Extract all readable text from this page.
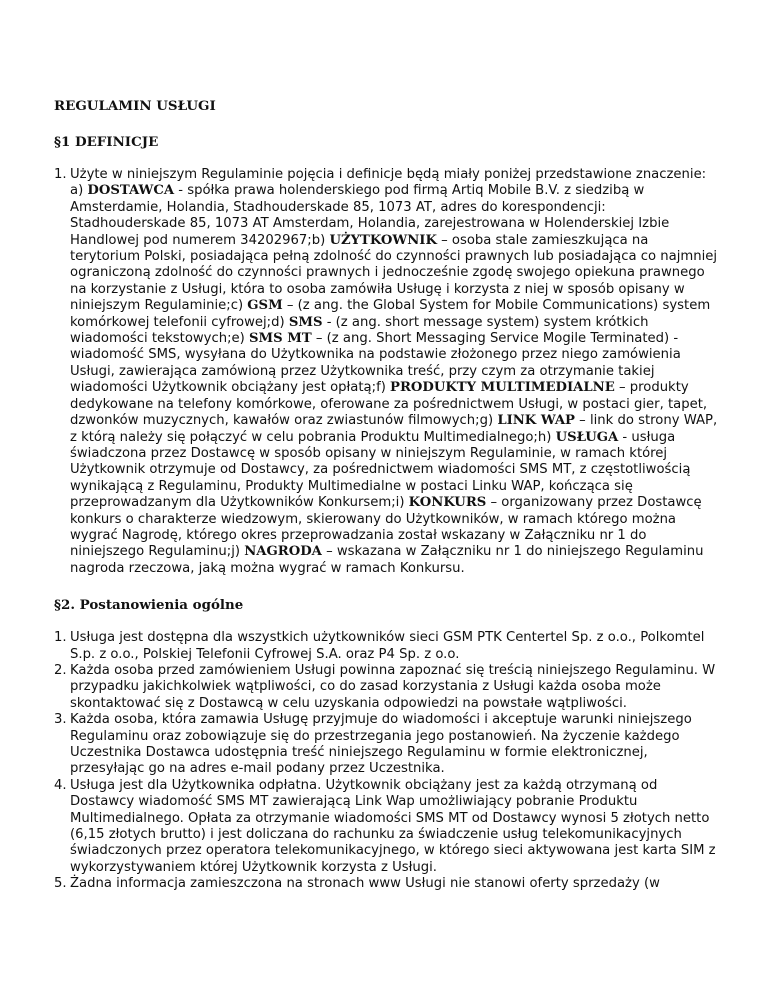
REGULAMIN USŁUGI

§1 DEFINICJE

1. Użyte w niniejszym Regulaminie pojęcia i definicje będą miały poniżej przedstawione znaczenie:
a) DOSTAWCA - spółka prawa holenderskiego pod firmą Artiq Mobile B.V. z siedzibą w Amsterdamie, Holandia, Stadhouderskade 85, 1073 AT, adres do korespondencji: Stadhouderskade 85, 1073 AT Amsterdam, Holandia, zarejestrowana w Holenderskiej Izbie Handlowej pod numerem 34202967;b) UŻYTKOWNIK – osoba stale zamieszkująca na terytorium Polski, posiadająca pełną zdolność do czynności prawnych lub posiadająca co najmniej ograniczoną zdolność do czynności prawnych i jednocześnie zgodę swojego opiekuna prawnego na korzystanie z Usługi, która to osoba zamówiła Usługę i korzysta z niej w sposób opisany w niniejszym Regulaminie;c) GSM – (z ang. the Global System for Mobile Communications) system komórkowej telefonii cyfrowej;d) SMS - (z ang. short message system) system krótkich wiadomości tekstowych;e) SMS MT – (z ang. Short Messaging Service Mogile Terminated) - wiadomość SMS, wysyłana do Użytkownika na podstawie złożonego przez niego zamówienia Usługi, zawierająca zamówioną przez Użytkownika treść, przy czym za otrzymanie takiej wiadomości Użytkownik obciążany jest opłatą;f) PRODUKTY MULTIMEDIALNE – produkty dedykowane na telefony komórkowe, oferowane za pośrednictwem Usługi, w postaci gier, tapet, dzwonków muzycznych, kawałów oraz zwiastunów filmowych;g) LINK WAP – link do strony WAP, z którą należy się połączyć w celu pobrania Produktu Multimedialnego;h) USŁUGA - usługa świadczona przez Dostawcę w sposób opisany w niniejszym Regulaminie, w ramach której Użytkownik otrzymuje od Dostawcy, za pośrednictwem wiadomości SMS MT, z częstotliwością wynikającą z Regulaminu, Produkty Multimedialne w postaci Linku WAP, kończąca się przeprowadzanym dla Użytkowników Konkursem;i) KONKURS – organizowany przez Dostawcę konkurs o charakterze wiedzowym, skierowany do Użytkowników, w ramach którego można wygrać Nagrodę, którego okres przeprowadzania został wskazany w Załączniku nr 1 do niniejszego Regulaminu;j) NAGRODA – wskazana w Załączniku nr 1 do niniejszego Regulaminu nagroda rzeczowa, jaką można wygrać w ramach Konkursu.

§2. Postanowienia ogólne

1. Usługa jest dostępna dla wszystkich użytkowników sieci GSM PTK Centertel Sp. z o.o., Polkomtel
S.p. z o.o., Polskiej Telefonii Cyfrowej S.A. oraz P4 Sp. z o.o.
2. Każda osoba przed zamówieniem Usługi powinna zapoznać się treścią niniejszego Regulaminu. W
przypadku jakichkolwiek wątpliwości, co do zasad korzystania z Usługi każda osoba może
skontaktować się z Dostawcą w celu uzyskania odpowiedzi na powstałe wątpliwości.
3. Każda osoba, która zamawia Usługę przyjmuje do wiadomości i akceptuje warunki niniejszego
Regulaminu oraz zobowiązuje się do przestrzegania jego postanowień. Na życzenie każdego
Uczestnika Dostawca udostępnia treść niniejszego Regulaminu w formie elektronicznej,
przesyłając go na adres e-mail podany przez Uczestnika.
4. Usługa jest dla Użytkownika odpłatna. Użytkownik obciążany jest za każdą otrzymaną od
Dostawcy wiadomość SMS MT zawierającą Link Wap umożliwiający pobranie Produktu
Multimedialnego. Opłata za otrzymanie wiadomości SMS MT od Dostawcy wynosi 5 złotych netto
(6,15 złotych brutto) i jest doliczana do rachunku za świadczenie usług telekomunikacyjnych
świadczonych przez operatora telekomunikacyjnego, w którego sieci aktywowana jest karta SIM z
wykorzystywaniem której Użytkownik korzysta z Usługi.
5. Żadna informacja zamieszczona na stronach www Usługi nie stanowi oferty sprzedaży (w
